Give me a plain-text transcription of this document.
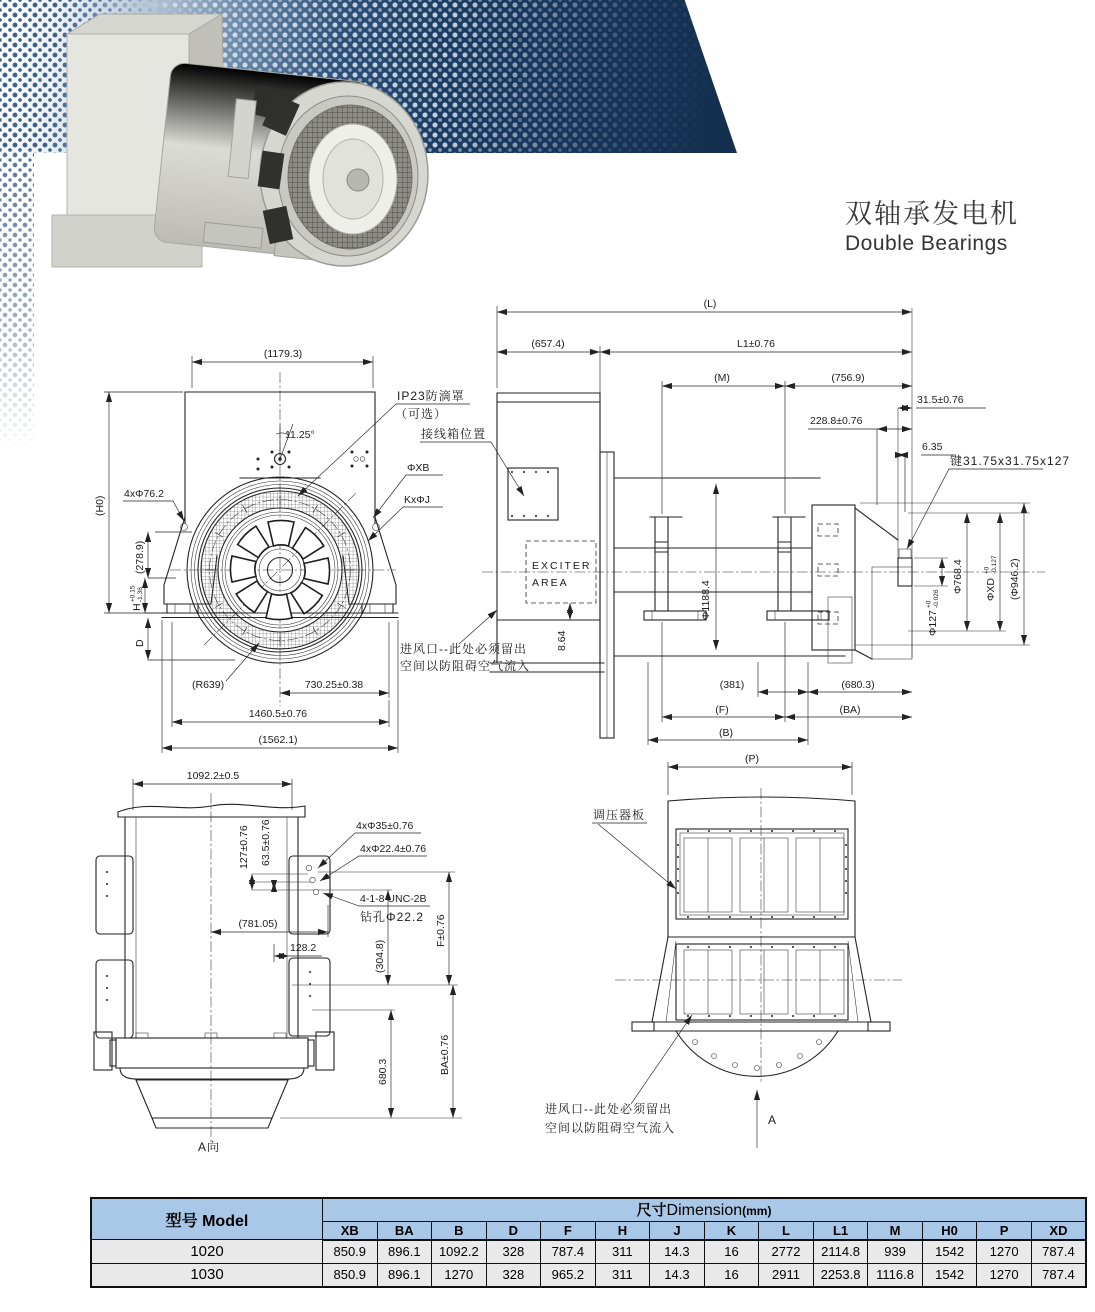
双轴承发电机
Double Bearings
11.25°
(1179.3)
(H0)
(278.9)
H
+0.15 -1.36
D
4xΦ76.2
ΦXB
KxΦJ
IP23防滴罩
（可选）
接线箱位置
(R639)	730.25±0.38
1460.5±0.76
(1562.1)
EXCITER
AREA
8.64
(L)
(657.4)	L1±0.76
(M)	(756.9)
228.8±0.76
31.5±0.76
6.35
键31.75x31.75x127
Φ768.4 ΦXD
+0 -0.127 (Φ946.2)
Φ127
+0 -0.026
Φ1188.4
(381)	(680.3)
(F)	(BA)
(B)
进风口--此处必须留出
空间以防阻碍空气流入
1092.2±0.5
127±0.76 63.5±0.76	4xΦ35±0.76
4xΦ22.4±0.76
4-1-8 UNC-2B
钻孔Φ22.2
(781.05)
128.2	(304.8)
F±0.76
680.3	BA±0.76
A向
(P)
调压器板
A
进风口--此处必须留出
空间以防阻碍空气流入
型号 Model	尺寸Dimension(mm)													
	XB	BA	B	D	F	H	J	K	L	L1	M	H0	P	XD
1020	850.9	896.1	1092.2	328	787.4	311	14.3	16	2772	2114.8	939	1542	1270	787.4
1030	850.9	896.1	1270	328	965.2	311	14.3	16	2911	2253.8	1116.8	1542	1270	787.4
